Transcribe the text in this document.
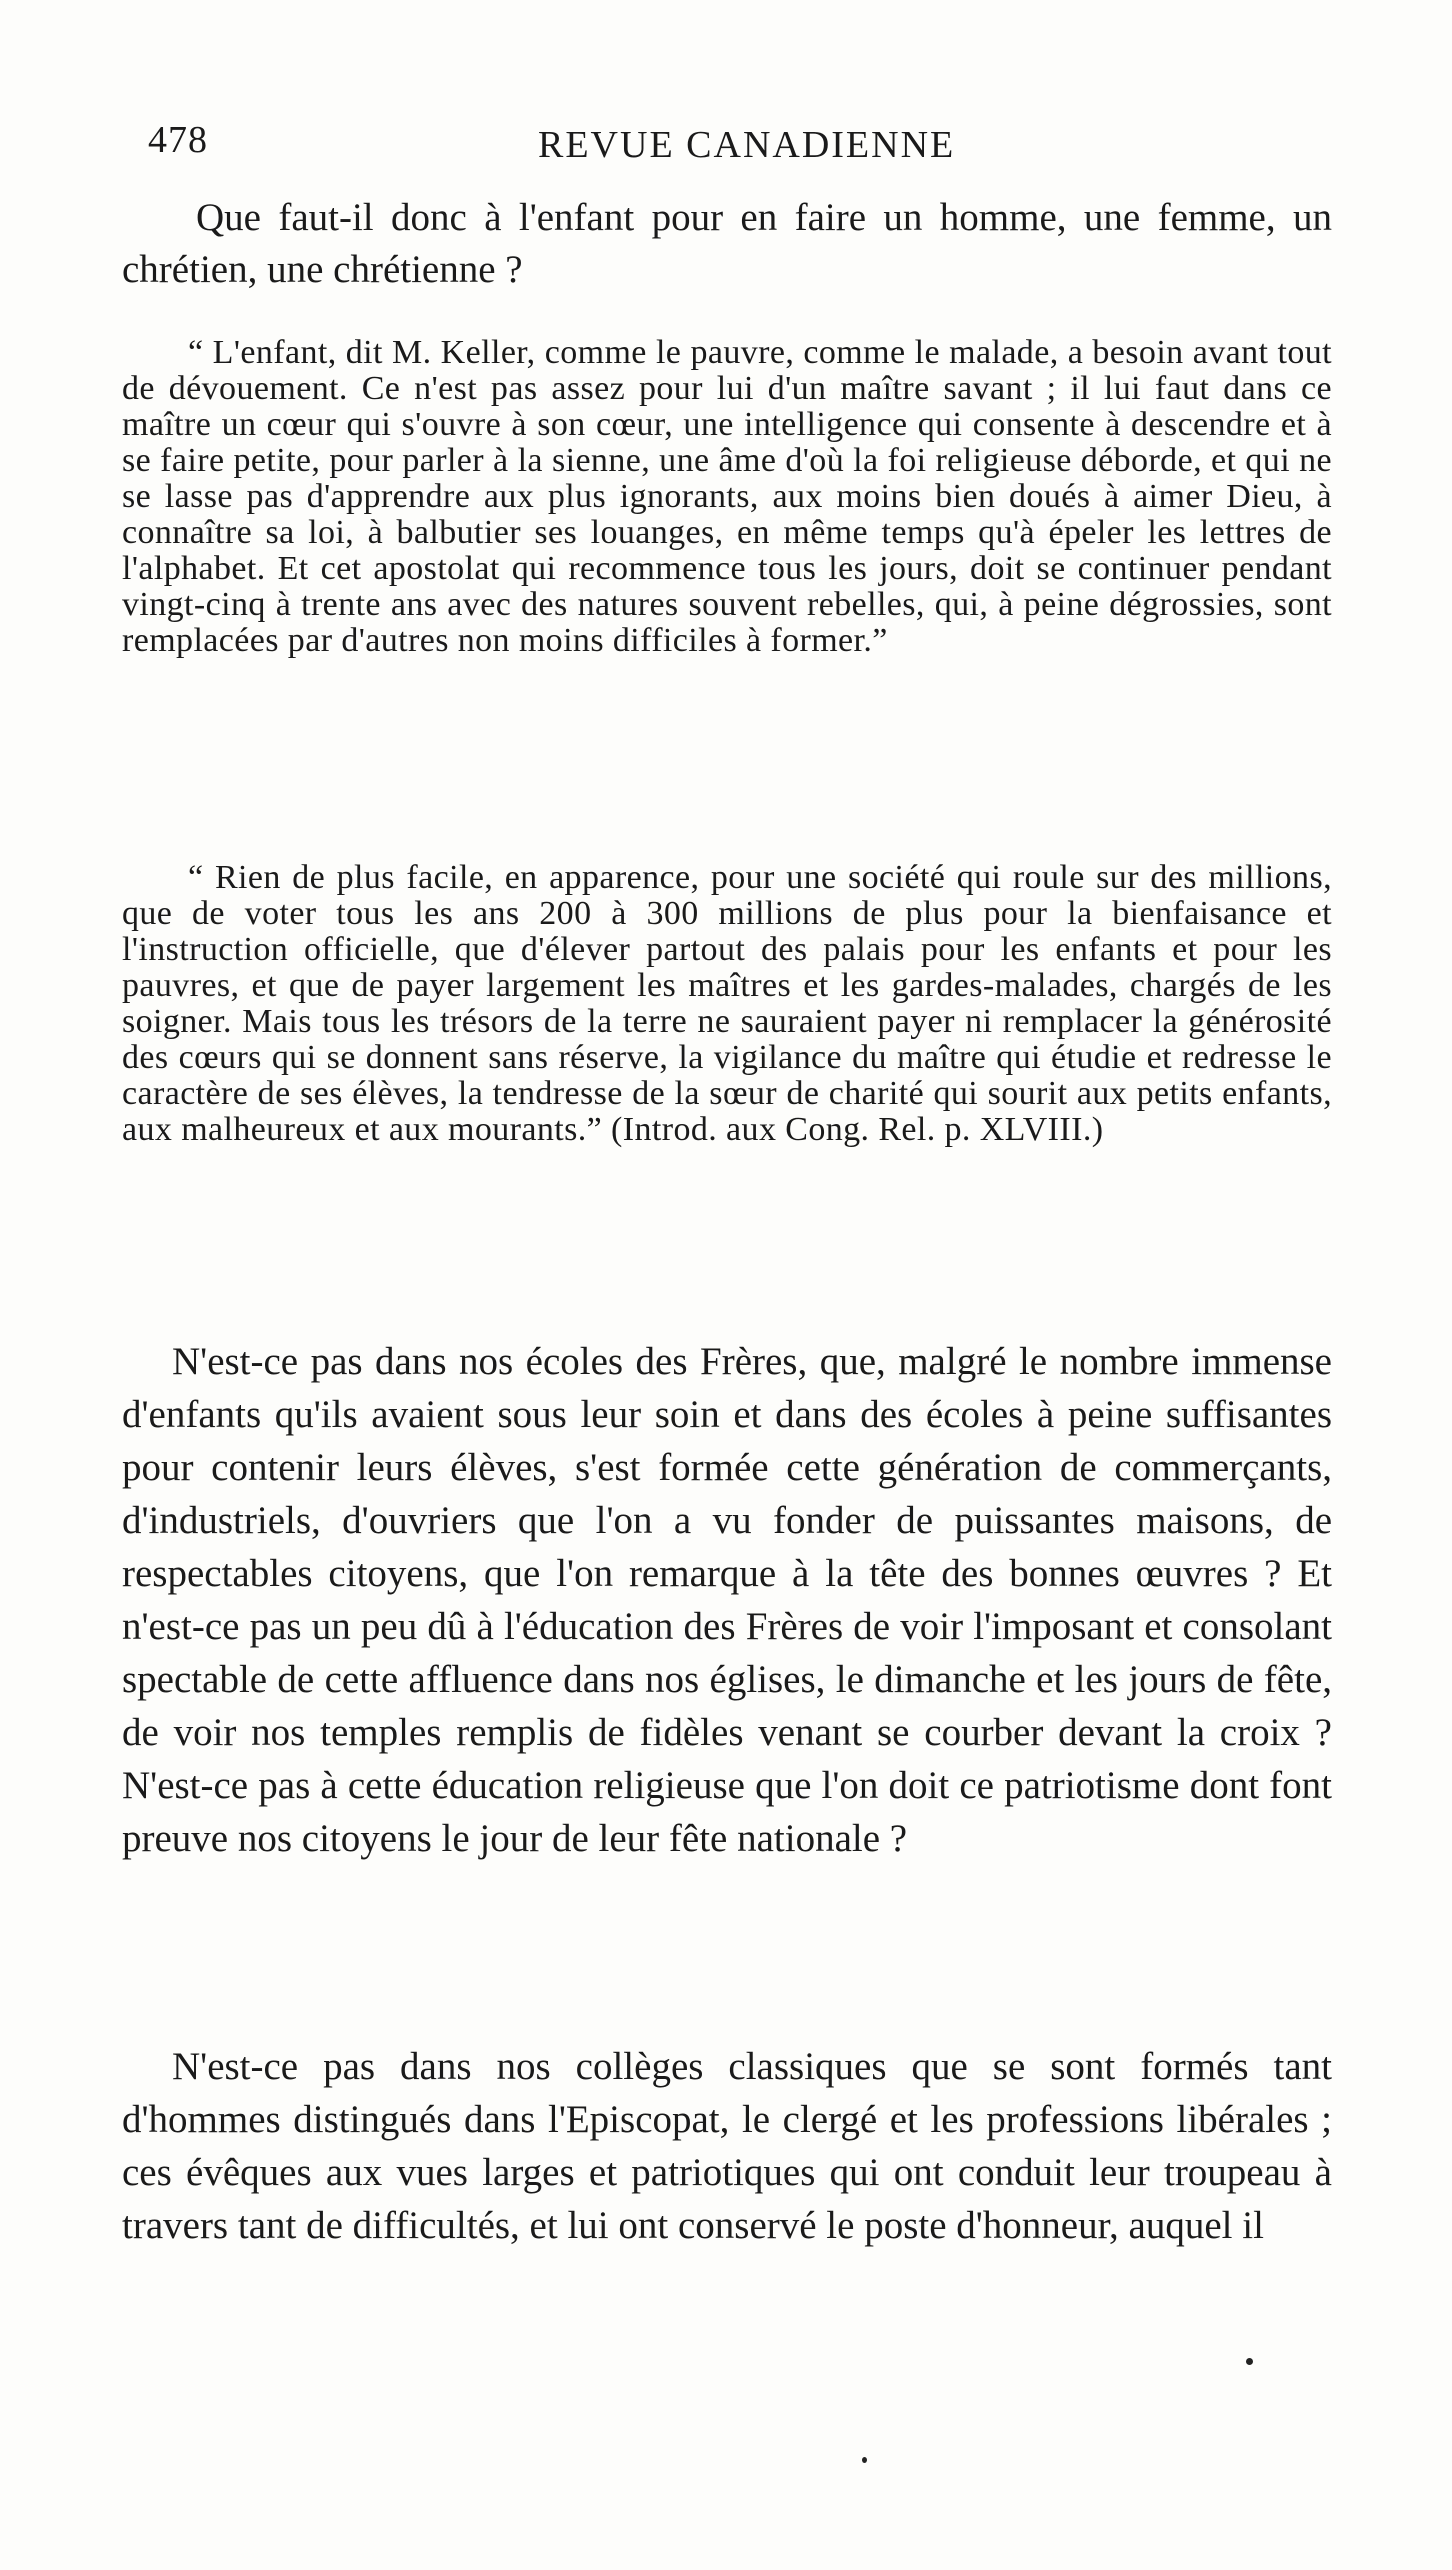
478	REVUE CANADIENNE

Que faut-il donc à l'enfant pour en faire un homme, une femme, un chrétien, une chrétienne ?

“ L'enfant, dit M. Keller, comme le pauvre, comme le malade, a besoin avant tout de dévouement. Ce n'est pas assez pour lui d'un maître savant ; il lui faut dans ce maître un cœur qui s'ouvre à son cœur, une intelligence qui consente à descendre et à se faire petite, pour parler à la sienne, une âme d'où la foi religieuse déborde, et qui ne se lasse pas d'apprendre aux plus ignorants, aux moins bien doués à aimer Dieu, à connaître sa loi, à balbutier ses louanges, en même temps qu'à épeler les lettres de l'alphabet. Et cet apostolat qui recommence tous les jours, doit se continuer pendant vingt-cinq à trente ans avec des natures souvent rebelles, qui, à peine dégrossies, sont remplacées par d'autres non moins difficiles à former.”

“ Rien de plus facile, en apparence, pour une société qui roule sur des millions, que de voter tous les ans 200 à 300 millions de plus pour la bienfaisance et l'instruction officielle, que d'élever partout des palais pour les enfants et pour les pauvres, et que de payer largement les maîtres et les gardes-malades, chargés de les soigner. Mais tous les trésors de la terre ne sauraient payer ni remplacer la générosité des cœurs qui se donnent sans réserve, la vigilance du maître qui étudie et redresse le caractère de ses élèves, la tendresse de la sœur de charité qui sourit aux petits enfants, aux malheureux et aux mourants.” (Introd. aux Cong. Rel. p. XLVIII.)

N'est-ce pas dans nos écoles des Frères, que, malgré le nombre immense d'enfants qu'ils avaient sous leur soin et dans des écoles à peine suffisantes pour contenir leurs élèves, s'est formée cette génération de commerçants, d'industriels, d'ouvriers que l'on a vu fonder de puissantes maisons, de respectables citoyens, que l'on remarque à la tête des bonnes œuvres ? Et n'est-ce pas un peu dû à l'éducation des Frères de voir l'imposant et consolant spectable de cette affluence dans nos églises, le dimanche et les jours de fête, de voir nos temples remplis de fidèles venant se courber devant la croix ? N'est-ce pas à cette éducation religieuse que l'on doit ce patriotisme dont font preuve nos citoyens le jour de leur fête nationale ?

N'est-ce pas dans nos collèges classiques que se sont formés tant d'hommes distingués dans l'Episcopat, le clergé et les professions libérales ; ces évêques aux vues larges et patriotiques qui ont conduit leur troupeau à travers tant de difficultés, et lui ont conservé le poste d'honneur, auquel il
